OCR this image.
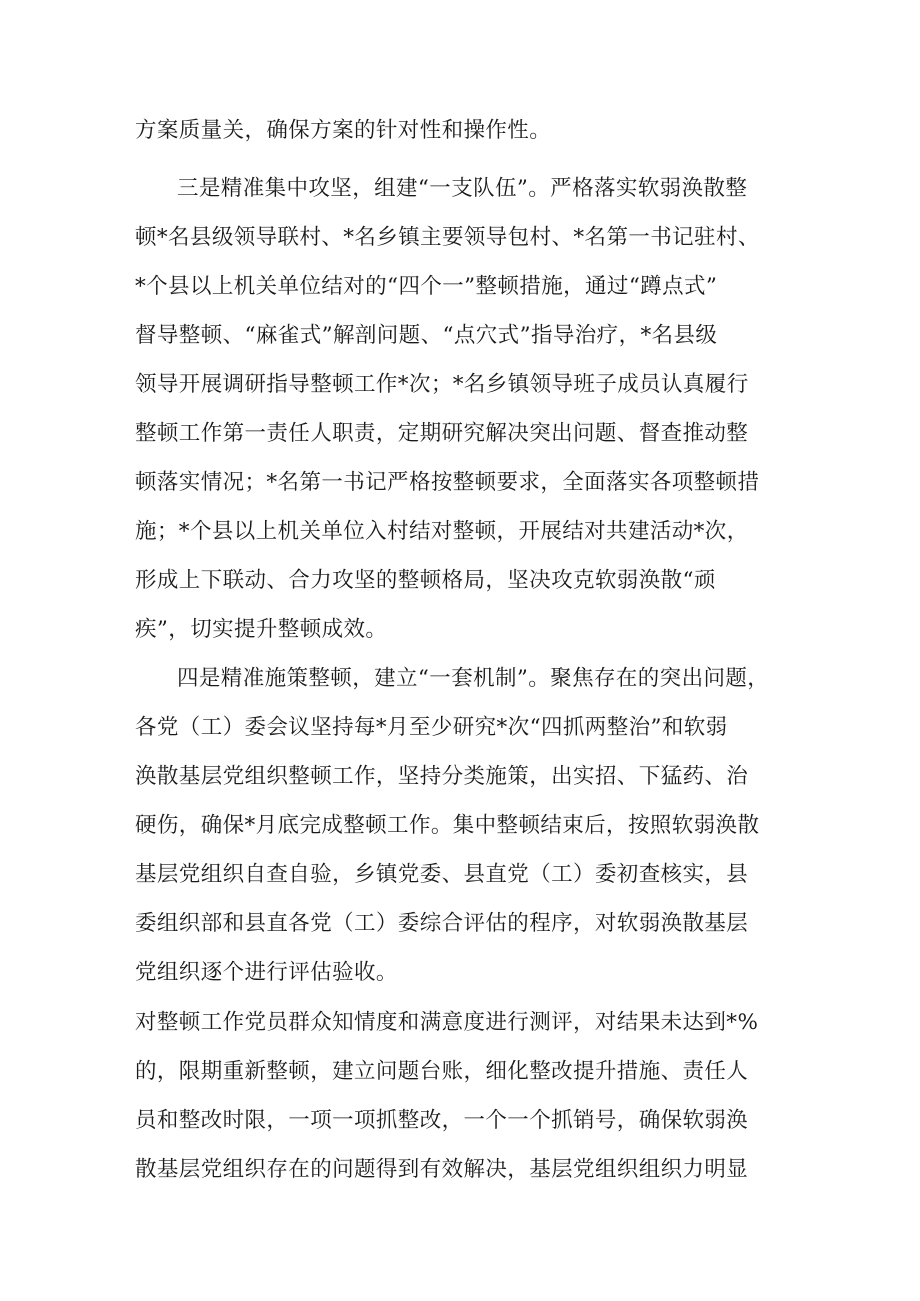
方案质量关，确保方案的针对性和操作性。

三是精准集中攻坚，组建“一支队伍”。严格落实软弱涣散整
顿*名县级领导联村、*名乡镇主要领导包村、*名第一书记驻村、
*个县以上机关单位结对的“四个一”整顿措施，通过“蹲点式”
督导整顿、“麻雀式”解剖问题、“点穴式”指导治疗，*名县级
领导开展调研指导整顿工作*次；*名乡镇领导班子成员认真履行
整顿工作第一责任人职责，定期研究解决突出问题、督查推动整
顿落实情况；*名第一书记严格按整顿要求，全面落实各项整顿措
施；*个县以上机关单位入村结对整顿，开展结对共建活动*次，
形成上下联动、合力攻坚的整顿格局，坚决攻克软弱涣散“顽
疾”，切实提升整顿成效。

四是精准施策整顿，建立“一套机制”。聚焦存在的突出问题，
各党（工）委会议坚持每*月至少研究*次“四抓两整治”和软弱
涣散基层党组织整顿工作，坚持分类施策，出实招、下猛药、治
硬伤，确保*月底完成整顿工作。集中整顿结束后，按照软弱涣散
基层党组织自查自验，乡镇党委、县直党（工）委初查核实，县
委组织部和县直各党（工）委综合评估的程序，对软弱涣散基层
党组织逐个进行评估验收。

对整顿工作党员群众知情度和满意度进行测评，对结果未达到*%
的，限期重新整顿，建立问题台账，细化整改提升措施、责任人
员和整改时限，一项一项抓整改，一个一个抓销号，确保软弱涣
散基层党组织存在的问题得到有效解决，基层党组织组织力明显
